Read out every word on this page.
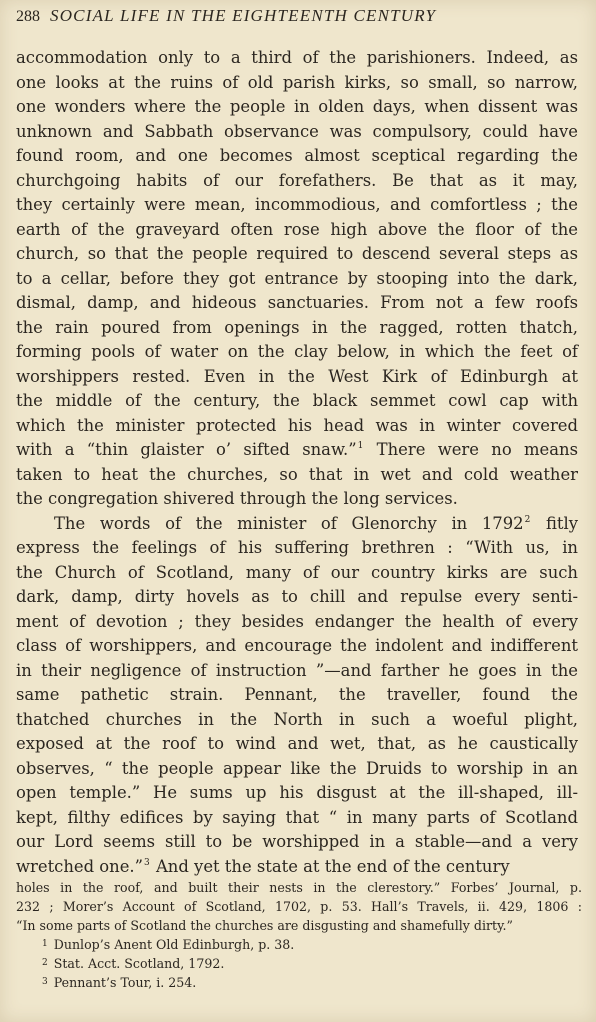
288 SOCIAL LIFE IN THE EIGHTEENTH CENTURY
accommodation only to a third of the parishioners. Indeed, as
one looks at the ruins of old parish kirks, so small, so narrow,
one wonders where the people in olden days, when dissent was
unknown and Sabbath observance was compulsory, could have
found room, and one becomes almost sceptical regarding the
churchgoing habits of our forefathers. Be that as it may,
they certainly were mean, incommodious, and comfortless ; the
earth of the graveyard often rose high above the floor of the
church, so that the people required to descend several steps as
to a cellar, before they got entrance by stooping into the dark,
dismal, damp, and hideous sanctuaries. From not a few roofs
the rain poured from openings in the ragged, rotten thatch,
forming pools of water on the clay below, in which the feet of
worshippers rested. Even in the West Kirk of Edinburgh at
the middle of the century, the black semmet cowl cap with
which the minister protected his head was in winter covered
with a “thin glaister o’ sifted snaw.”$^1$ There were no means
taken to heat the churches, so that in wet and cold weather
the congregation shivered through the long services.
The words of the minister of Glenorchy in 1792$^2$ fitly
express the feelings of his suffering brethren : “With us, in
the Church of Scotland, many of our country kirks are such
dark, damp, dirty hovels as to chill and repulse every senti-
ment of devotion ; they besides endanger the health of every
class of worshippers, and encourage the indolent and indifferent
in their negligence of instruction ”—and farther he goes in the
same pathetic strain. Pennant, the traveller, found the
thatched churches in the North in such a woeful plight,
exposed at the roof to wind and wet, that, as he caustically
observes, “ the people appear like the Druids to worship in an
open temple.” He sums up his disgust at the ill-shaped, ill-
kept, filthy edifices by saying that “ in many parts of Scotland
our Lord seems still to be worshipped in a stable—and a very
wretched one.”$^3$ And yet the state at the end of the century
holes in the roof, and built their nests in the clerestory.” Forbes’ Journal, p.
232 ; Morer’s Account of Scotland, 1702, p. 53. Hall’s Travels, ii. 429, 1806 :
“In some parts of Scotland the churches are disgusting and shamefully dirty.”
$^1$ Dunlop’s Anent Old Edinburgh, p. 38.
$^2$ Stat. Acct. Scotland, 1792.
$^3$ Pennant’s Tour, i. 254.
